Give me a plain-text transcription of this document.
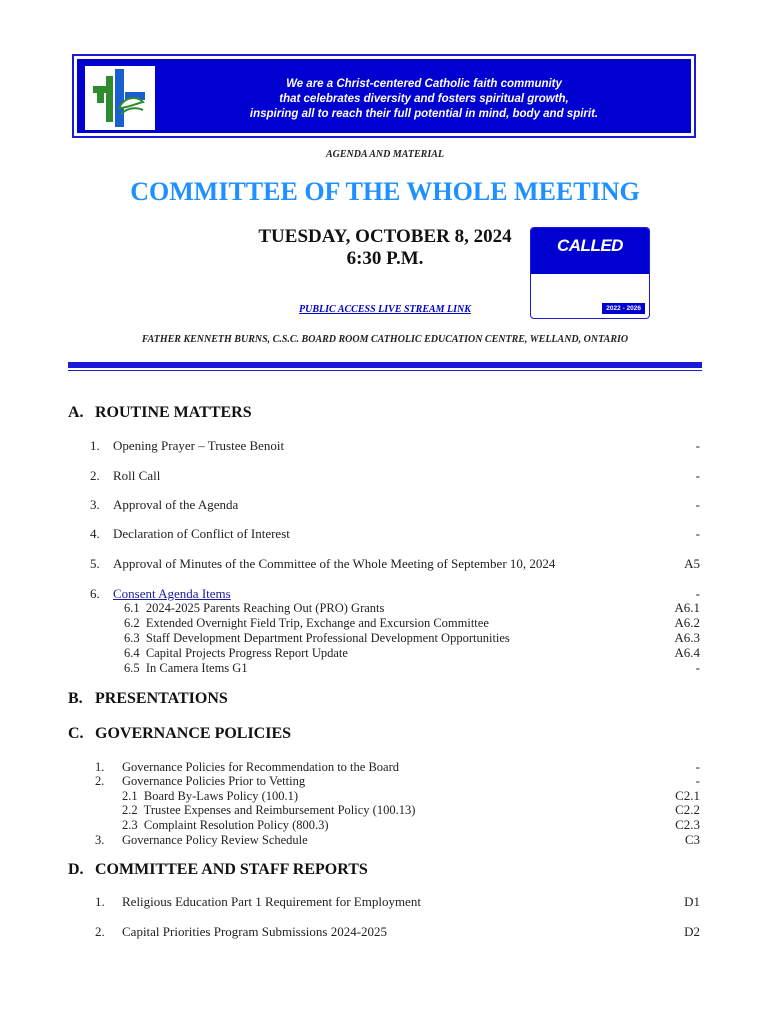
We are a Christ-centered Catholic faith community
that celebrates diversity and fosters spiritual growth,
inspiring all to reach their full potential in mind, body and spirit.
AGENDA AND MATERIAL
COMMITTEE OF THE WHOLE MEETING
TUESDAY, OCTOBER 8, 2024
6:30 P.M.
CALLED
2022 - 2026
PUBLIC ACCESS LIVE STREAM LINK
FATHER KENNETH BURNS, C.S.C. BOARD ROOM CATHOLIC EDUCATION CENTRE, WELLAND, ONTARIO
A. ROUTINE MATTERS
1. Opening Prayer – Trustee Benoit	-
2. Roll Call	-
3. Approval of the Agenda	-
4. Declaration of Conflict of Interest	-
5. Approval of Minutes of the Committee of the Whole Meeting of September 10, 2024	A5
6. Consent Agenda Items	-
6.1  2024-2025 Parents Reaching Out (PRO) Grants	A6.1
6.2  Extended Overnight Field Trip, Exchange and Excursion Committee	A6.2
6.3  Staff Development Department Professional Development Opportunities	A6.3
6.4  Capital Projects Progress Report Update	A6.4
6.5  In Camera Items G1	-
B. PRESENTATIONS
C. GOVERNANCE POLICIES
1. Governance Policies for Recommendation to the Board	-
2. Governance Policies Prior to Vetting	-
2.1  Board By-Laws Policy (100.1)	C2.1
2.2  Trustee Expenses and Reimbursement Policy (100.13)	C2.2
2.3  Complaint Resolution Policy (800.3)	C2.3
3. Governance Policy Review Schedule	C3
D. COMMITTEE AND STAFF REPORTS
1. Religious Education Part 1 Requirement for Employment	D1
2. Capital Priorities Program Submissions 2024-2025	D2
